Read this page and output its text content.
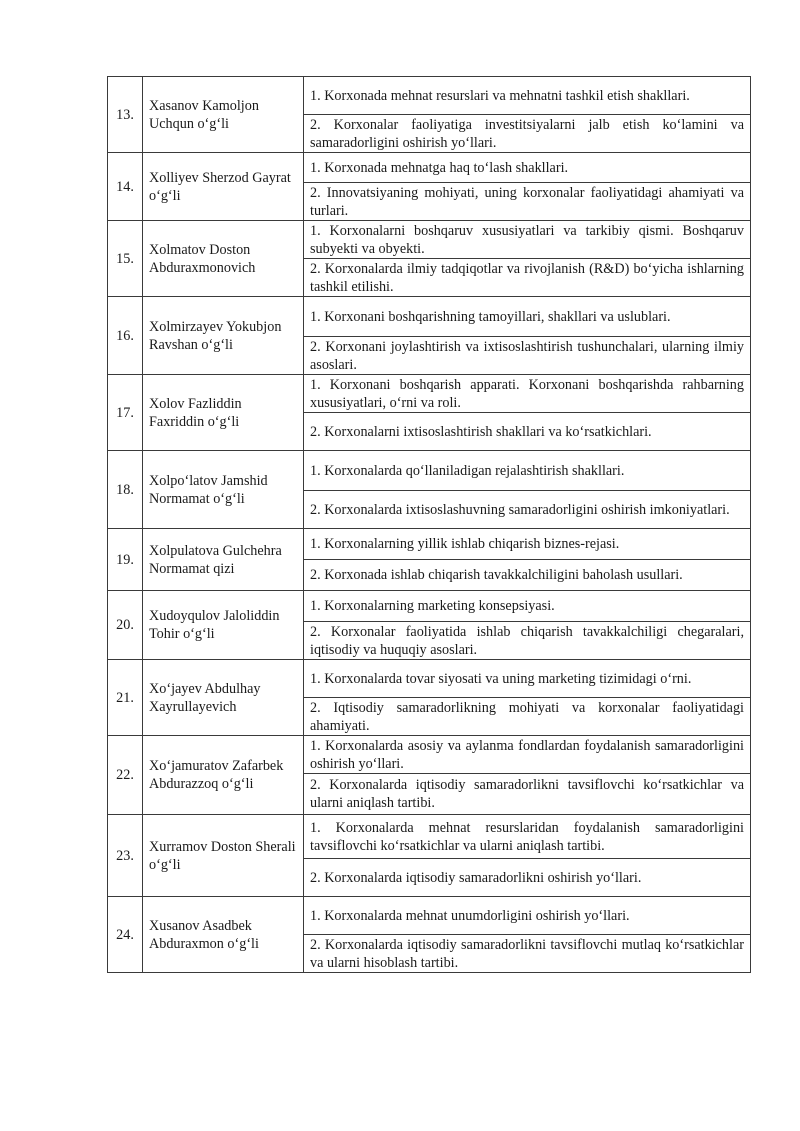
13.	Xasanov Kamoljon Uchqun o‘g‘li	1. Korxonada mehnat resurslari va mehnatni tashkil etish shakllari.
		2. Korxonalar faoliyatiga investitsiyalarni jalb etish ko‘lamini va samaradorligini oshirish yo‘llari.
14.	Xolliyev Sherzod Gayrat o‘g‘li	1. Korxonada mehnatga haq to‘lash shakllari.
		2. Innovatsiyaning mohiyati, uning korxonalar faoliyatidagi ahamiyati va turlari.
15.	Xolmatov Doston Abduraxmonovich	1. Korxonalarni boshqaruv xususiyatlari va tarkibiy qismi. Boshqaruv subyekti va obyekti.
		2. Korxonalarda ilmiy tadqiqotlar va rivojlanish (R&D) bo‘yicha ishlarning tashkil etilishi.
16.	Xolmirzayev Yokubjon Ravshan o‘g‘li	1. Korxonani boshqarishning tamoyillari, shakllari va uslublari.
		2. Korxonani joylashtirish va ixtisoslashtirish tushunchalari, ularning ilmiy asoslari.
17.	Xolov Fazliddin Faxriddin o‘g‘li	1. Korxonani boshqarish apparati. Korxonani boshqarishda rahbarning xususiyatlari, o‘rni va roli.
		2. Korxonalarni ixtisoslashtirish shakllari va ko‘rsatkichlari.
18.	Xolpo‘latov Jamshid Normamat o‘g‘li	1. Korxonalarda qo‘llaniladigan rejalashtirish shakllari.
		2. Korxonalarda ixtisoslashuvning samaradorligini oshirish imkoniyatlari.
19.	Xolpulatova Gulchehra Normamat qizi	1. Korxonalarning yillik ishlab chiqarish biznes-rejasi.
		2. Korxonada ishlab chiqarish tavakkalchiligini baholash usullari.
20.	Xudoyqulov Jaloliddin Tohir o‘g‘li	1. Korxonalarning marketing konsepsiyasi.
		2. Korxonalar faoliyatida ishlab chiqarish tavakkalchiligi chegaralari, iqtisodiy va huquqiy asoslari.
21.	Xo‘jayev Abdulhay Xayrullayevich	1. Korxonalarda tovar siyosati va uning marketing tizimidagi o‘rni.
		2. Iqtisodiy samaradorlikning mohiyati va korxonalar faoliyatidagi ahamiyati.
22.	Xo‘jamuratov Zafarbek Abdurazzoq o‘g‘li	1. Korxonalarda asosiy va aylanma fondlardan foydalanish samaradorligini oshirish yo‘llari.
		2. Korxonalarda iqtisodiy samaradorlikni tavsiflovchi ko‘rsatkichlar va ularni aniqlash tartibi.
23.	Xurramov Doston Sherali o‘g‘li	1. Korxonalarda mehnat resurslaridan foydalanish samaradorligini tavsiflovchi ko‘rsatkichlar va ularni aniqlash tartibi.
		2. Korxonalarda iqtisodiy samaradorlikni oshirish yo‘llari.
24.	Xusanov Asadbek Abduraxmon o‘g‘li	1. Korxonalarda mehnat unumdorligini oshirish yo‘llari.
		2. Korxonalarda iqtisodiy samaradorlikni tavsiflovchi mutlaq ko‘rsatkichlar va ularni hisoblash tartibi.
